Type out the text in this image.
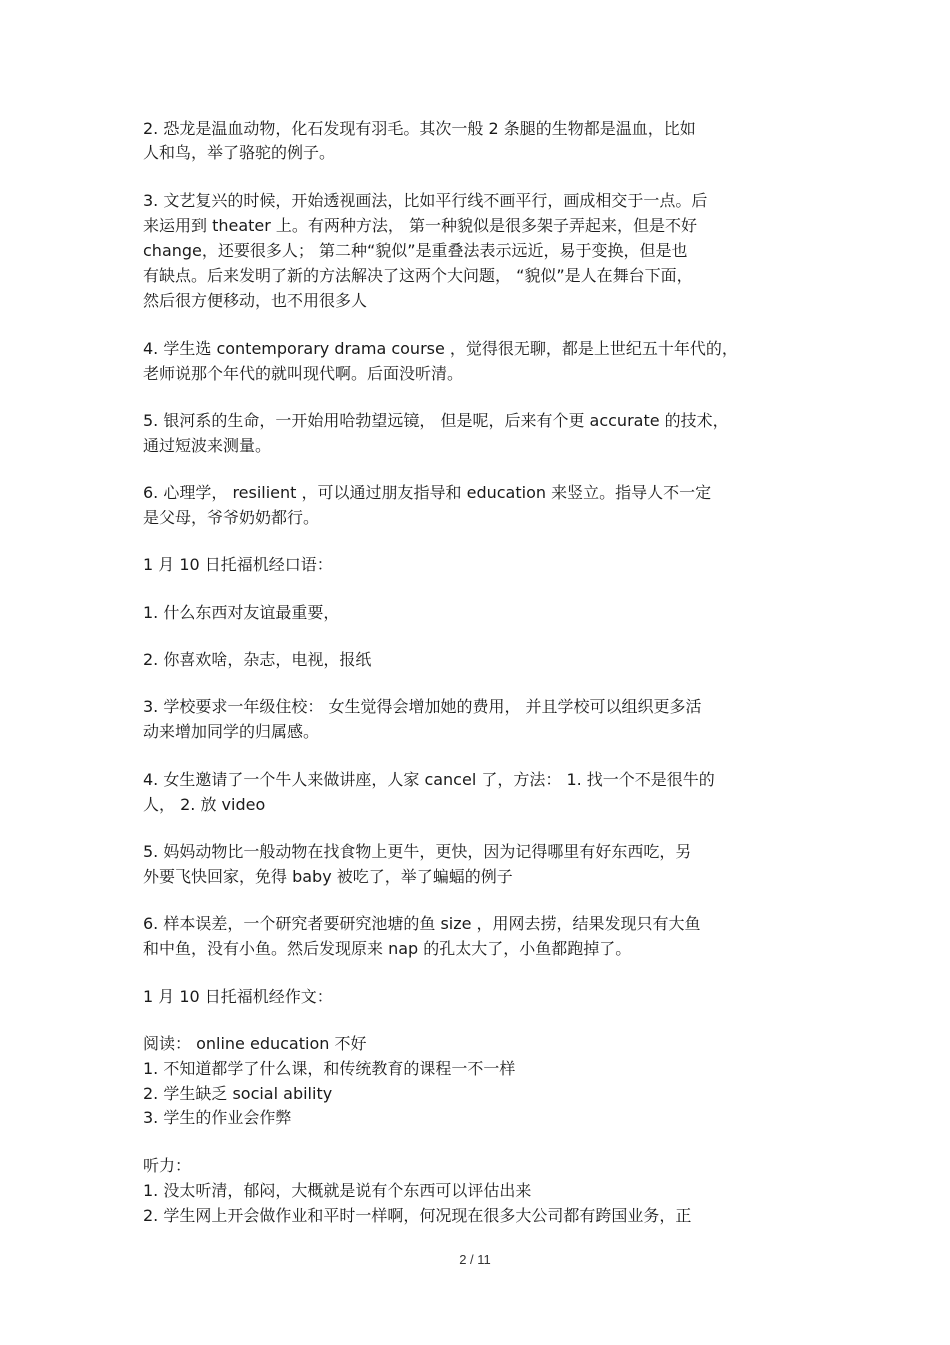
2. 恐龙是温血动物，化石发现有羽毛。其次一般 2 条腿的生物都是温血，比如
人和鸟，举了骆驼的例子。
3. 文艺复兴的时候，开始透视画法，比如平行线不画平行，画成相交于一点。后
来运用到 theater 上。有两种方法， 第一种貌似是很多架子弄起来，但是不好
change，还要很多人； 第二种“貌似”是重叠法表示远近，易于变换，但是也
有缺点。后来发明了新的方法解决了这两个大问题， “貌似”是人在舞台下面，
然后很方便移动，也不用很多人
4. 学生选 contemporary drama course ，觉得很无聊，都是上世纪五十年代的，
老师说那个年代的就叫现代啊。后面没听清。
5. 银河系的生命，一开始用哈勃望远镜， 但是呢，后来有个更 accurate 的技术，
通过短波来测量。
6. 心理学， resilient ，可以通过朋友指导和 education 来竖立。指导人不一定
是父母，爷爷奶奶都行。
1 月 10 日托福机经口语：
1. 什么东西对友谊最重要，
2. 你喜欢啥，杂志，电视，报纸
3. 学校要求一年级住校： 女生觉得会增加她的费用， 并且学校可以组织更多活
动来增加同学的归属感。
4. 女生邀请了一个牛人来做讲座，人家 cancel 了，方法： 1. 找一个不是很牛的
人， 2. 放 video
5. 妈妈动物比一般动物在找食物上更牛，更快，因为记得哪里有好东西吃，另
外要飞快回家，免得 baby 被吃了，举了蝙蝠的例子
6. 样本误差，一个研究者要研究池塘的鱼 size ，用网去捞，结果发现只有大鱼
和中鱼，没有小鱼。然后发现原来 nap 的孔太大了，小鱼都跑掉了。
1 月 10 日托福机经作文：
阅读： online education 不好
1. 不知道都学了什么课，和传统教育的课程一不一样
2. 学生缺乏 social ability
3. 学生的作业会作弊
听力：
1. 没太听清，郁闷，大概就是说有个东西可以评估出来
2. 学生网上开会做作业和平时一样啊，何况现在很多大公司都有跨国业务，正
2 / 11
